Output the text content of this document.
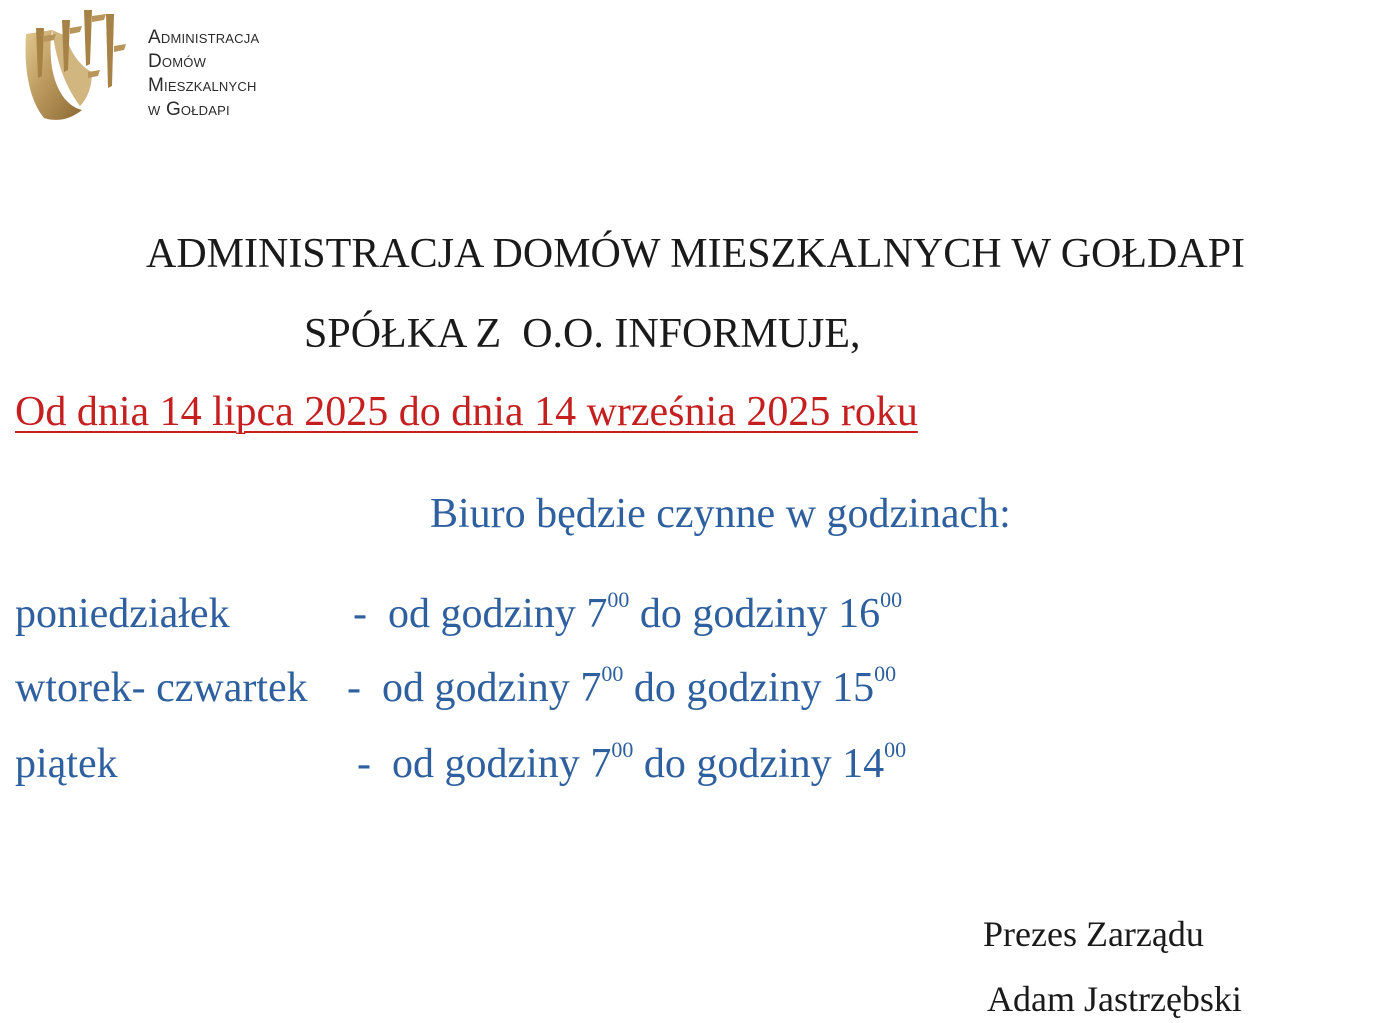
Administracja
Domów
Mieszkalnych
w Gołdapi
ADMINISTRACJA DOMÓW MIESZKALNYCH W GOŁDAPI
SPÓŁKA Z  O.O. INFORMUJE,
Od dnia 14 lipca 2025 do dnia 14 września 2025 roku
Biuro będzie czynne w godzinach:
poniedziałek	- od godziny $7^{00}$ do godziny $16^{00}$
wtorek- czwartek - od godziny $7^{00}$ do godziny $15^{00}$
piątek	- od godziny $7^{00}$ do godziny $14^{00}$
Prezes Zarządu
Adam Jastrzębski
